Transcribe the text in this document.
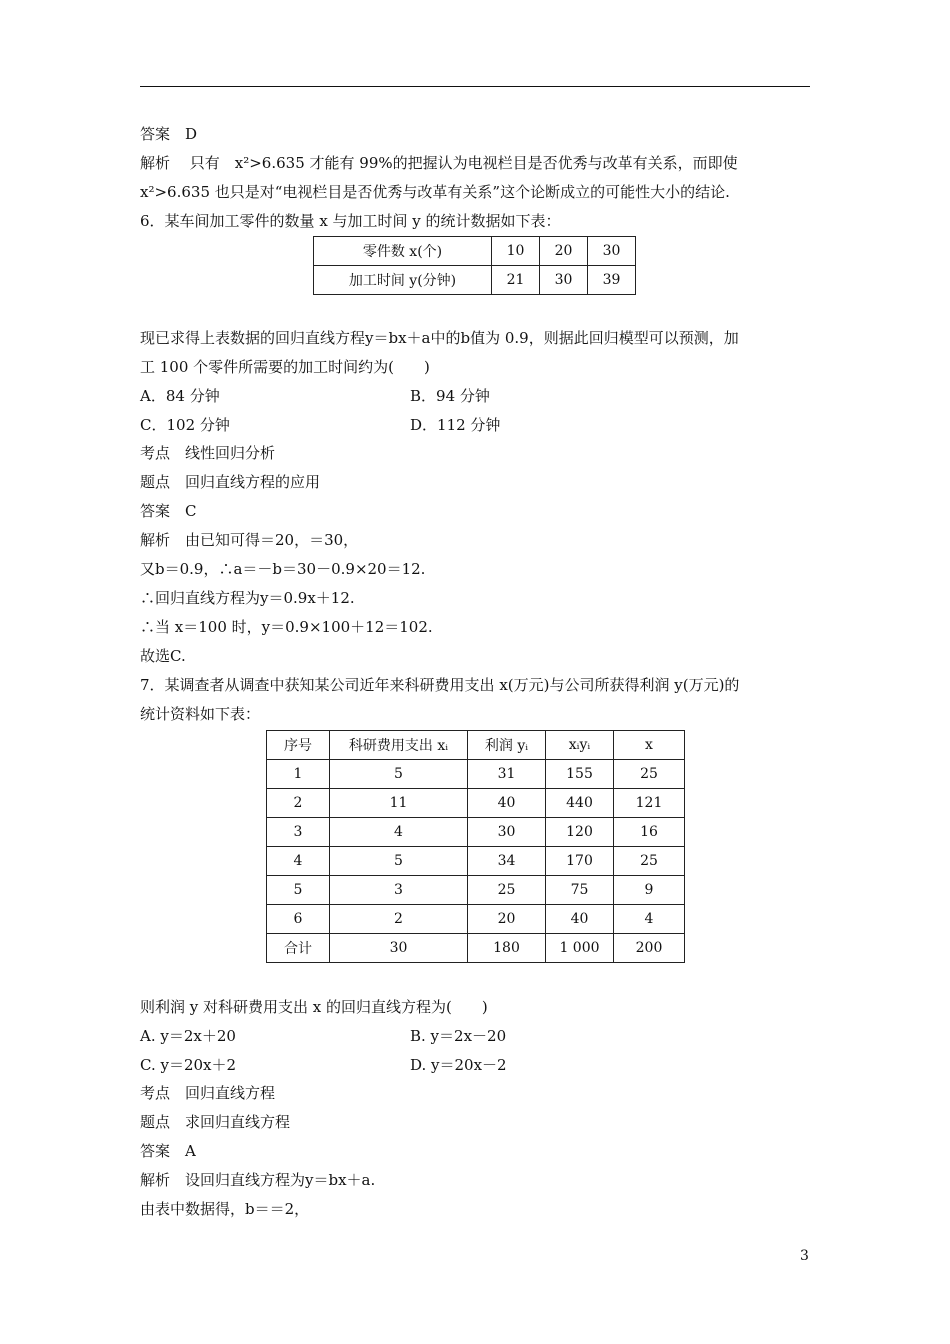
答案　D
解析　 只有　x²>6.635 才能有 99%的把握认为电视栏目是否优秀与改革有关系，而即使
x²>6.635 也只是对“电视栏目是否优秀与改革有关系”这个论断成立的可能性大小的结论.
6．某车间加工零件的数量 x 与加工时间 y 的统计数据如下表：
零件数 x(个)	10	20	30
加工时间 y(分钟)	21	30	39
现已求得上表数据的回归直线方程y＝bx＋a中的b值为 0.9，则据此回归模型可以预测，加
工 100 个零件所需要的加工时间约为(　　)
A．84 分钟	B．94 分钟
C．102 分钟	D．112 分钟
考点　线性回归分析
题点　回归直线方程的应用
答案　C
解析　由已知可得＝20，＝30，
又b＝0.9，∴a＝－b＝30－0.9×20＝12.
∴回归直线方程为y＝0.9x＋12.
∴当 x＝100 时，y＝0.9×100＋12＝102.
故选C.
7．某调查者从调查中获知某公司近年来科研费用支出 x(万元)与公司所获得利润 y(万元)的
统计资料如下表：
序号	科研费用支出 xᵢ	利润 yᵢ	xᵢyᵢ	x
1	5	31	155	25
2	11	40	440	121
3	4	30	120	16
4	5	34	170	25
5	3	25	75	9
6	2	20	40	4
合计	30	180	1 000	200
则利润 y 对科研费用支出 x 的回归直线方程为(　　)
A. y＝2x＋20	B. y＝2x－20
C. y＝20x＋2	D. y＝20x－2
考点　回归直线方程
题点　求回归直线方程
答案　A
解析　设回归直线方程为y＝bx＋a.
由表中数据得，b＝＝2，
3
